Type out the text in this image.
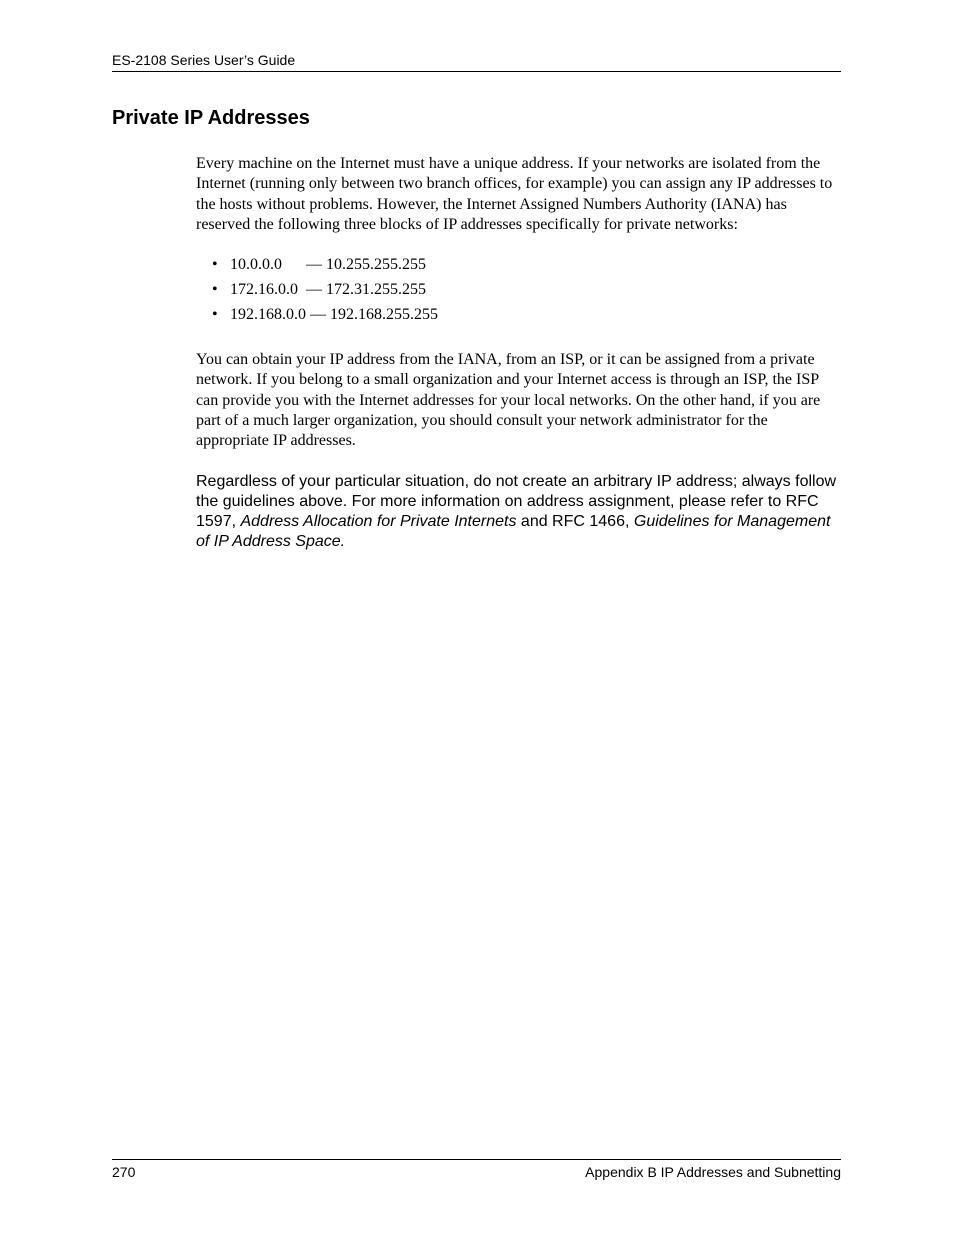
ES-2108 Series User’s Guide
Private IP Addresses

Every machine on the Internet must have a unique address. If your networks are isolated from the Internet (running only between two branch offices, for example) you can assign any IP addresses to the hosts without problems. However, the Internet Assigned Numbers Authority (IANA) has reserved the following three blocks of IP addresses specifically for private networks:

• 10.0.0.0 — 10.255.255.255
• 172.16.0.0 — 172.31.255.255
• 192.168.0.0 — 192.168.255.255

You can obtain your IP address from the IANA, from an ISP, or it can be assigned from a private network. If you belong to a small organization and your Internet access is through an ISP, the ISP can provide you with the Internet addresses for your local networks. On the other hand, if you are part of a much larger organization, you should consult your network administrator for the appropriate IP addresses.

Regardless of your particular situation, do not create an arbitrary IP address; always follow the guidelines above. For more information on address assignment, please refer to RFC 1597, Address Allocation for Private Internets and RFC 1466, Guidelines for Management of IP Address Space.

270	Appendix B IP Addresses and Subnetting
